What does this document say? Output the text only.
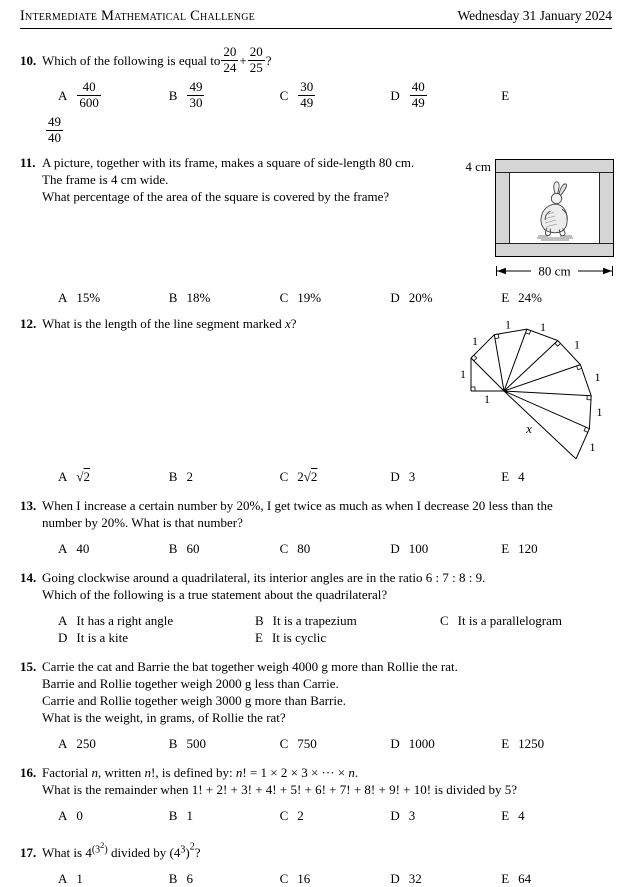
Intermediate Mathematical Challenge	Wednesday 31 January 2024
10. Which of the following is equal to $\frac{20}{24} + \frac{20}{25}$ ?
A $\frac{40}{600}$	B $\frac{49}{30}$	C $\frac{30}{49}$	D $\frac{40}{49}$	E
$\frac{49}{40}$
11. A picture, together with its frame, makes a square of side-length 80 cm.
The frame is 4 cm wide.
What percentage of the area of the square is covered by the frame?
4 cm
80 cm
A 15%	B 18%	C 19%	D 20%	E 24%
12. What is the length of the line segment marked x?
1
1
1
1 1
1
1
1
1
x
A √2	B 2	C 2√2	D 3	E 4
13. When I increase a certain number by 20%, I get twice as much as when I decrease 20 less than the
number by 20%. What is that number?
A 40	B 60	C 80	D 100	E 120
14. Going clockwise around a quadrilateral, its interior angles are in the ratio 6 : 7 : 8 : 9.
Which of the following is a true statement about the quadrilateral?
A It has a right angle	B It is a trapezium	C It is a parallelogram
D It is a kite	E It is cyclic
15. Carrie the cat and Barrie the bat together weigh 4000 g more than Rollie the rat.
Barrie and Rollie together weigh 2000 g less than Carrie.
Carrie and Rollie together weigh 3000 g more than Barrie.
What is the weight, in grams, of Rollie the rat?
A 250	B 500	C 750	D 1000	E 1250
16. Factorial n, written n!, is defined by: n! = 1 × 2 × 3 × ··· × n.
What is the remainder when 1! + 2! + 3! + 4! + 5! + 6! + 7! + 8! + 9! + 10! is divided by 5?
A 0	B 1	C 2	D 3	E 4
17. What is 4$^{(32)}$ divided by $(4^3)^2$?
A 1	B 6	C 16	D 32	E 64
